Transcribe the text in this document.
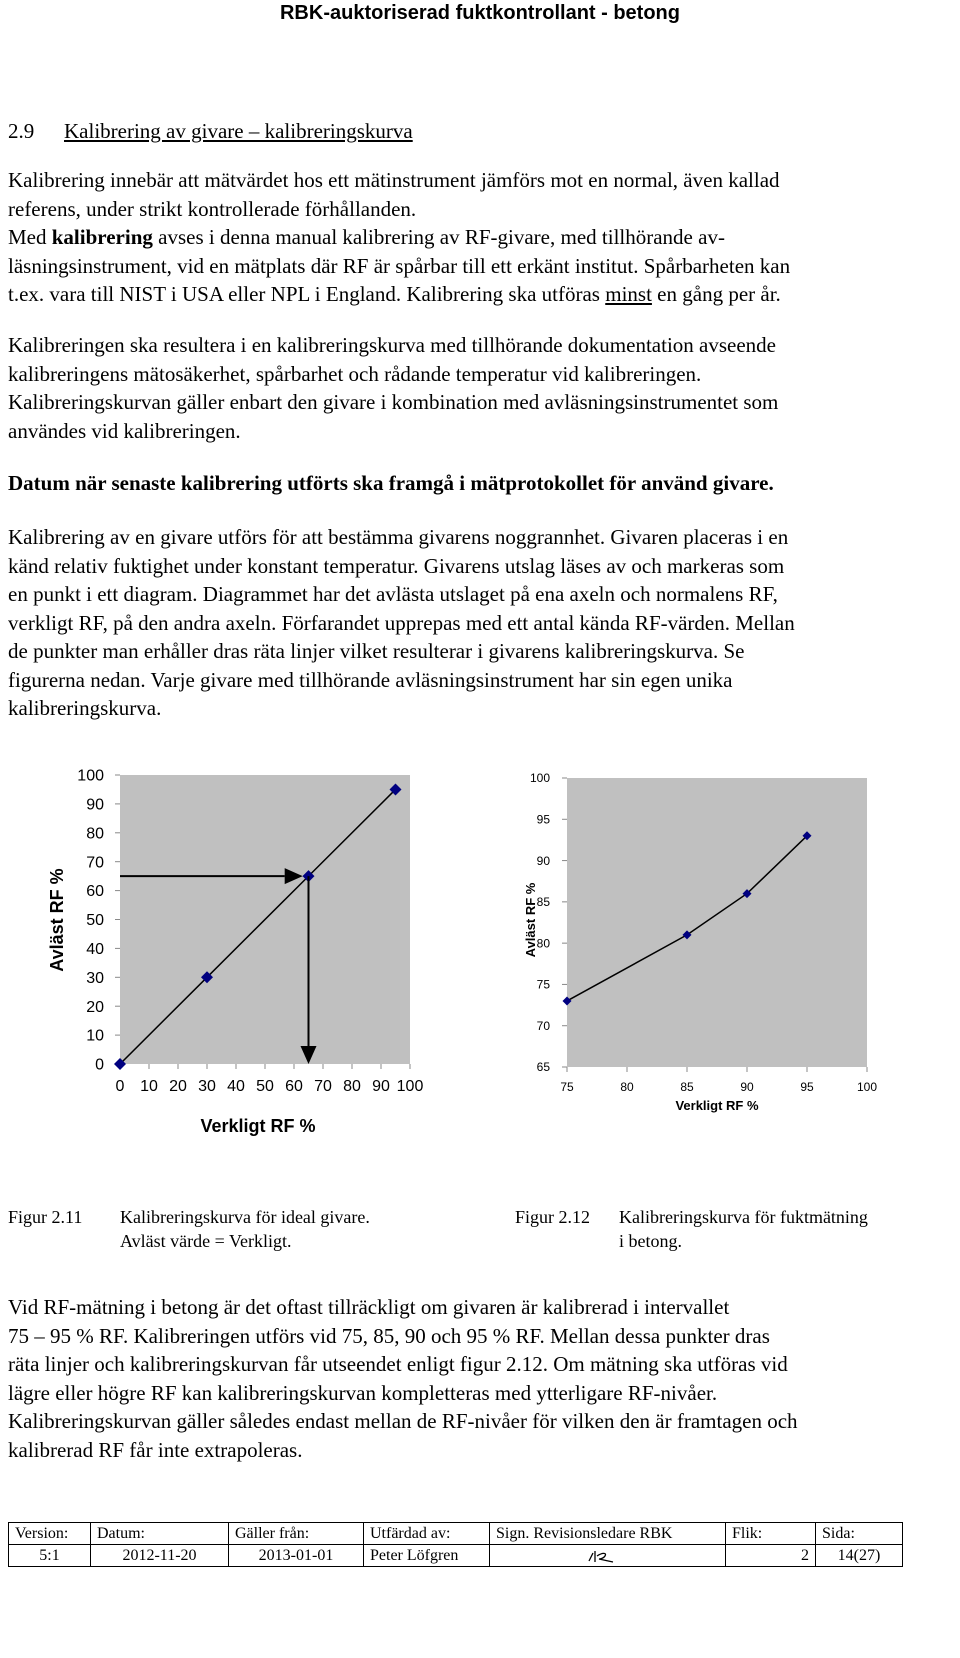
RBK-auktoriserad fuktkontrollant - betong
2.9 Kalibrering av givare – kalibreringskurva
Kalibrering innebär att mätvärdet hos ett mätinstrument jämförs mot en normal, även kallad
referens, under strikt kontrollerade förhållanden.
Med kalibrering avses i denna manual kalibrering av RF-givare, med tillhörande av-
läsningsinstrument, vid en mätplats där RF är spårbar till ett erkänt institut. Spårbarheten kan
t.ex. vara till NIST i USA eller NPL i England. Kalibrering ska utföras minst en gång per år.
Kalibreringen ska resultera i en kalibreringskurva med tillhörande dokumentation avseende
kalibreringens mätosäkerhet, spårbarhet och rådande temperatur vid kalibreringen.
Kalibreringskurvan gäller enbart den givare i kombination med avläsningsinstrumentet som
användes vid kalibreringen.
Datum när senaste kalibrering utförts ska framgå i mätprotokollet för använd givare.
Kalibrering av en givare utförs för att bestämma givarens noggrannhet. Givaren placeras i en
känd relativ fuktighet under konstant temperatur. Givarens utslag läses av och markeras som
en punkt i ett diagram. Diagrammet har det avlästa utslaget på ena axeln och normalens RF,
verkligt RF, på den andra axeln. Förfarandet upprepas med ett antal kända RF-värden. Mellan
de punkter man erhåller dras räta linjer vilket resulterar i givarens kalibreringskurva. Se
figurerna nedan. Varje givare med tillhörande avläsningsinstrument har sin egen unika
kalibreringskurva.
0
10
20
30
40
50
60
70
80
90
100
0 10 20 30 40 50 60 70 80 90 100
Verkligt RF %
Avläst RF %
65
70
75
80
85
90
95
100
75	80	85	90	95	100
Verkligt RF %
Avläst RF %
Figur 2.11 Kalibreringskurva för ideal givare.
Avläst värde = Verkligt.
Figur 2.12 Kalibreringskurva för fuktmätning
i betong.
Vid RF-mätning i betong är det oftast tillräckligt om givaren är kalibrerad i intervallet
75 – 95 % RF. Kalibreringen utförs vid 75, 85, 90 och 95 % RF. Mellan dessa punkter dras
räta linjer och kalibreringskurvan får utseendet enligt figur 2.12. Om mätning ska utföras vid
lägre eller högre RF kan kalibreringskurvan kompletteras med ytterligare RF-nivåer.
Kalibreringskurvan gäller således endast mellan de RF-nivåer för vilken den är framtagen och
kalibrerad RF får inte extrapoleras.
Version:	Datum:	Gäller från:	Utfärdad av:	Sign. Revisionsledare RBK	Flik:	Sida:
5:1	2012-11-20	2013-01-01	Peter Löfgren		2	14(27)
